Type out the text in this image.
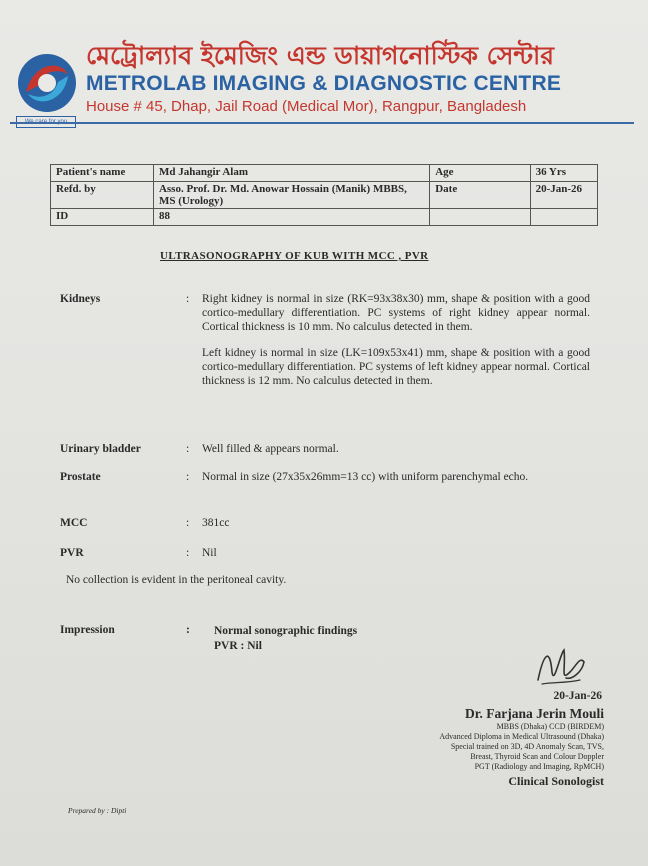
We care for you
মেট্রোল্যাব ইমেজিং এন্ড ডায়াগনোস্টিক সেন্টার
METROLAB IMAGING & DIAGNOSTIC CENTRE
House # 45, Dhap, Jail Road (Medical Mor), Rangpur, Bangladesh
Patient's name	Md Jahangir Alam	Age	36 Yrs
Refd. by	Asso. Prof. Dr. Md. Anowar Hossain (Manik) MBBS, MS (Urology)	Date	20-Jan-26
ID	88		
ULTRASONOGRAPHY OF KUB WITH MCC , PVR
Kidneys	: Right kidney is normal in size (RK=93x38x30) mm, shape & position with a good cortico-medullary differentiation. PC systems of right kidney appear normal. Cortical thickness is 10 mm. No calculus detected in them.

Left kidney is normal in size (LK=109x53x41) mm, shape & position with a good cortico-medullary differentiation. PC systems of left kidney appear normal. Cortical thickness is 12 mm. No calculus detected in them.

Urinary bladder	: Well filled & appears normal.
Prostate	: Normal in size (27x35x26mm=13 cc) with uniform parenchymal echo.
MCC	: 381cc
PVR	: Nil
No collection is evident in the peritoneal cavity.
Impression	: Normal sonographic findings
PVR : Nil
20-Jan-26
Dr. Farjana Jerin Mouli
MBBS (Dhaka) CCD (BIRDEM)
Advanced Diploma in Medical Ultrasound (Dhaka)
Special trained on 3D, 4D Anomaly Scan, TVS,
Breast, Thyroid Scan and Colour Doppler
PGT (Radiology and Imaging, RpMCH)
Clinical Sonologist
Prepared by : Dipti
